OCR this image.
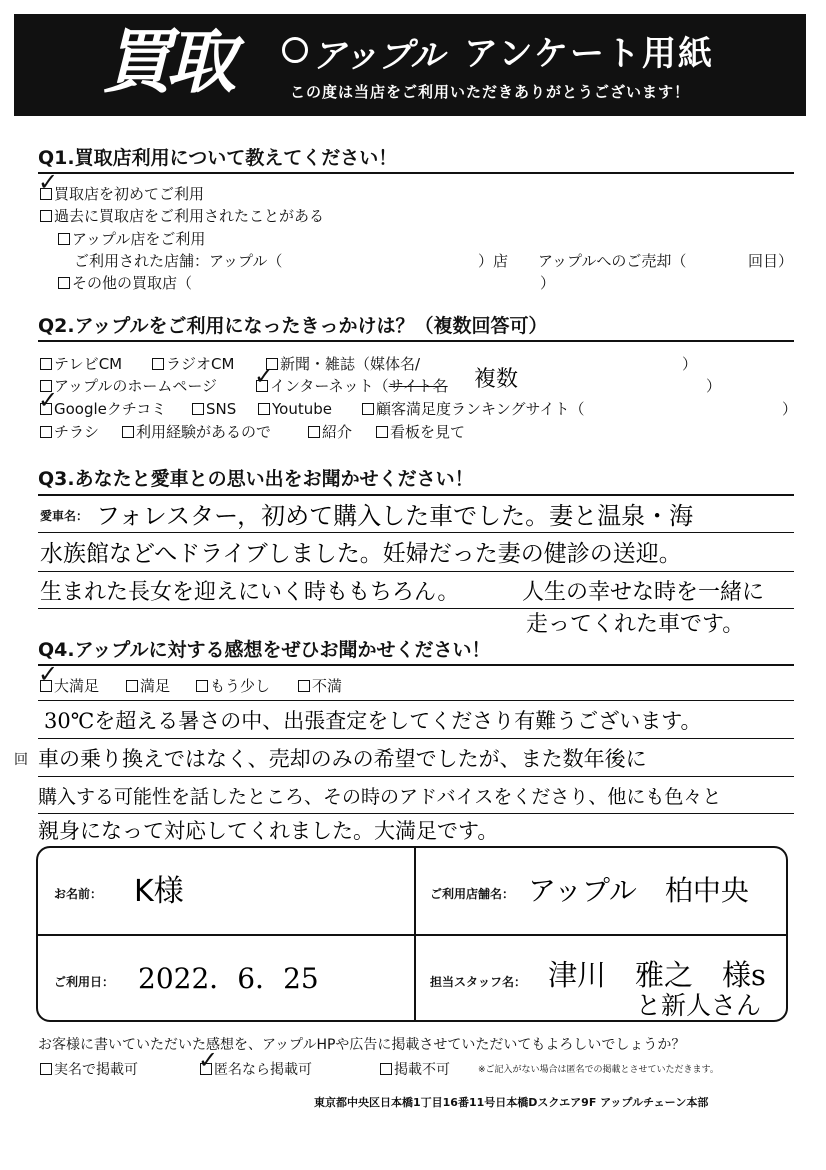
買取	アップル アンケート用紙
この度は当店をご利用いただきありがとうございます！
Q1.買取店利用について教えてください！
買取店を初めてご利用
✓
過去に買取店をご利用されたことがある
アップル店をご利用
ご利用された店舗：アップル（	）店 アップルへのご売却（	回目）
その他の買取店（	）
Q2.アップルをご利用になったきっかけは？（複数回答可）
テレビCM	ラジオCM	新聞・雑誌（媒体名/	）
アップルのホームページ	インターネット（サイト名
✓	複数	）
Googleクチコミ
✓	SNS	Youtube	顧客満足度ランキングサイト（	）
チラシ	利用経験があるので	紹介	看板を見て
Q3.あなたと愛車との思い出をお聞かせください！
愛車名： フォレスター，初めて購入した車でした。妻と温泉・海
水族館などへドライブしました。妊婦だった妻の健診の送迎。
生まれた長女を迎えにいく時ももちろん。	人生の幸せな時を一緒に
走ってくれた車です。
Q4.アップルに対する感想をぜひお聞かせください！
大満足
✓	満足	もう少し	不満
30℃を超える暑さの中、出張査定をしてくださり有難うございます。
回 車の乗り換えではなく、売却のみの希望でしたが、また数年後に
購入する可能性を話したところ、その時のアドバイスをくださり、他にも色々と
親身になって対応してくれました。大満足です。
お名前： K様	ご利用店舗名： アップル　柏中央
ご利用日： 2022．6．25	担当スタッフ名： 津川　雅之　様s
と新人さん
お客様に書いていただいた感想を、アップルHPや広告に掲載させていただいてもよろしいでしょうか？
実名で掲載可	匿名なら掲載可
✓	掲載不可	※ご記入がない場合は匿名での掲載とさせていただきます。
東京都中央区日本橋1丁目16番11号日本橋Dスクエア9F アップルチェーン本部
